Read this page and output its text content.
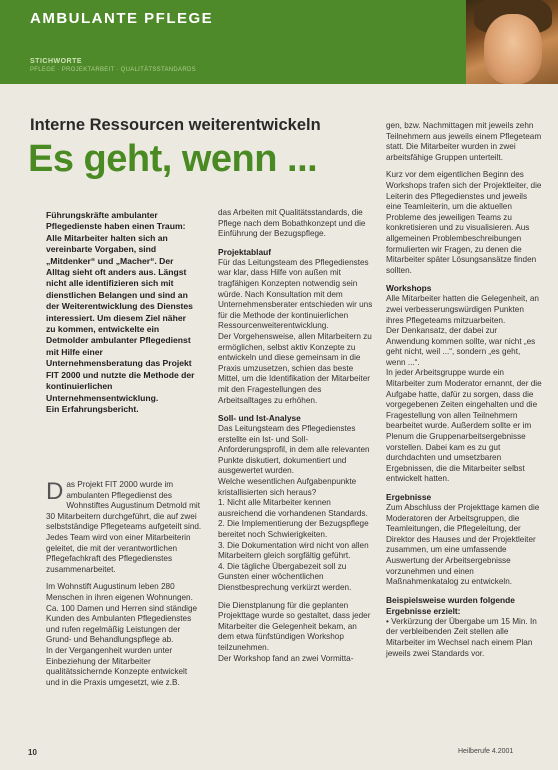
AMBULANTE PFLEGE
STICHWORTE
PFLEGE · PROJEKTARBEIT · QUALITÄTSSTANDARDS
Interne Ressourcen weiterentwickeln
Es geht, wenn ...

Führungskräfte ambulanter Pflegedienste haben einen Traum: Alle Mitarbeiter halten sich an vereinbarte Vorgaben, sind „Mitdenker“ und „Macher“. Der Alltag sieht oft anders aus. Längst nicht alle identifizieren sich mit dienstlichen Belangen und sind an der Weiterentwicklung des Dienstes interessiert. Um diesem Ziel näher zu kommen, entwickelte ein Detmolder ambulanter Pflegedienst mit Hilfe einer Unternehmensberatung das Projekt FIT 2000 und nutzte die Methode der kontinuierlichen Unternehmensentwicklung.

Ein Erfahrungsbericht.

Das Projekt FIT 2000 wurde im ambulanten Pflegedienst des Wohnstiftes Augustinum Detmold mit 30 Mitarbeitern durchgeführt, die auf zwei selbstständige Pflegeteams aufgeteilt sind.

Jedes Team wird von einer Mitarbeiterin geleitet, die mit der verantwortlichen Pflegefachkraft des Pflegedienstes zusammenarbeitet.

Im Wohnstift Augustinum leben 280 Menschen in ihren eigenen Wohnungen. Ca. 100 Damen und Herren sind ständige Kunden des Ambulanten Pflegedienstes und rufen regelmäßig Leistungen der Grund- und Behandlungspflege ab.

In der Vergangenheit wurden unter Einbeziehung der Mitarbeiter qualitätssichernde Konzepte entwickelt und in die Praxis umgesetzt, wie z.B.

das Arbeiten mit Qualitätsstandards, die Pflege nach dem Bobathkonzept und die Einführung der Bezugspflege.

Projektablauf

Für das Leitungsteam des Pflegedienstes war klar, dass Hilfe von außen mit tragfähigen Konzepten notwendig sein würde. Nach Konsultation mit dem Unternehmensberater entschieden wir uns für die Methode der kontinuierlichen Ressourcenweiterentwicklung.

Der Vorgehensweise, allen Mitarbeitern zu ermöglichen, selbst aktiv Konzepte zu entwickeln und diese gemeinsam in die Praxis umzusetzen, schien das beste Mittel, um die Identifikation der Mitarbeiter mit den Fragestellungen des Arbeitsalltages zu erhöhen.

Soll- und Ist-Analyse

Das Leitungsteam des Pflegedienstes erstellte ein Ist- und Soll-Anforderungsprofil, in dem alle relevanten Punkte diskutiert, dokumentiert und ausgewertet wurden.

Welche wesentlichen Aufgabenpunkte kristallisierten sich heraus?

1. Nicht alle Mitarbeiter kennen ausreichend die vorhandenen Standards.

2. Die Implementierung der Bezugspflege bereitet noch Schwierigkeiten.

3. Die Dokumentation wird nicht von allen Mitarbeitern gleich sorgfältig geführt.

4. Die tägliche Übergabezeit soll zu Gunsten einer wöchentlichen Dienstbesprechung verkürzt werden.

Die Dienstplanung für die geplanten Projekttage wurde so gestaltet, dass jeder Mitarbeiter die Gelegenheit bekam, an dem etwa fünfstündigen Workshop teilzunehmen.

Der Workshop fand an zwei Vormitta-

gen, bzw. Nachmittagen mit jeweils zehn Teilnehmern aus jeweils einem Pflegeteam statt. Die Mitarbeiter wurden in zwei arbeitsfähige Gruppen unterteilt.

Kurz vor dem eigentlichen Beginn des Workshops trafen sich der Projektleiter, die Leiterin des Pflegedienstes und jeweils eine Teamleiterin, um die aktuellen Probleme des jeweiligen Teams zu konkretisieren und zu visualisieren. Aus allgemeinen Problembeschreibungen formulierten wir Fragen, zu denen die Mitarbeiter später Lösungsansätze finden sollten.

Workshops

Alle Mitarbeiter hatten die Gelegenheit, an zwei verbesserungswürdigen Punkten ihres Pflegeteams mitzuarbeiten.

Der Denkansatz, der dabei zur Anwendung kommen sollte, war nicht „es geht nicht, weil ...“, sondern „es geht, wenn ...“.

In jeder Arbeitsgruppe wurde ein Mitarbeiter zum Moderator ernannt, der die Aufgabe hatte, dafür zu sorgen, dass die vorgegebenen Zeiten eingehalten und die Fragestellung von allen Teilnehmern bearbeitet wurde. Außerdem sollte er im Plenum die Gruppenarbeitsergebnisse vorstellen. Dabei kam es zu gut durchdachten und umsetzbaren Ergebnissen, die die Mitarbeiter selbst entwickelt hatten.

Ergebnisse

Zum Abschluss der Projekttage kamen die Moderatoren der Arbeitsgruppen, die Teamleitungen, die Pflegeleitung, der Direktor des Hauses und der Projektleiter zusammen, um eine umfassende Auswertung der Arbeitsergebnisse vorzunehmen und einen Maßnahmenkatalog zu entwickeln.

Beispielsweise wurden folgende Ergebnisse erzielt:

• Verkürzung der Übergabe um 15 Min. In der verbleibenden Zeit stellen alle Mitarbeiter im Wechsel nach einem Plan jeweils zwei Standards vor.

10	Heilberufe 4.2001
